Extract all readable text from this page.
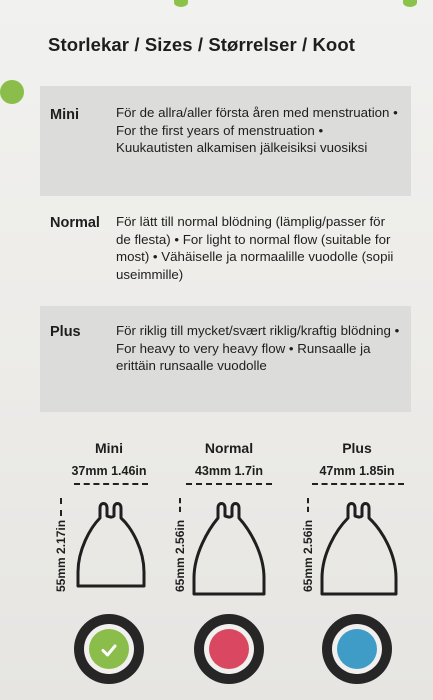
Storlekar / Sizes / Størrelser / Koot
Mini	För de allra/aller första åren med menstruation • For the first years of menstruation • Kuukautisten alkamisen jälkeisiksi vuosiksi
Normal För lätt till normal blödning (lämplig/passer för de flesta) • For light to normal flow (suitable for most) • Vähäiselle ja normaalille vuodolle (sopii useimmille)
Plus	För riklig till mycket/svært riklig/kraftig blödning • For heavy to very heavy flow • Runsaalle ja erittäin runsaalle vuodolle
Mini
37mm 1.46in
55mm 2.17in
Normal
43mm 1.7in
65mm 2.56in
Plus
47mm 1.85in
65mm 2.56in
